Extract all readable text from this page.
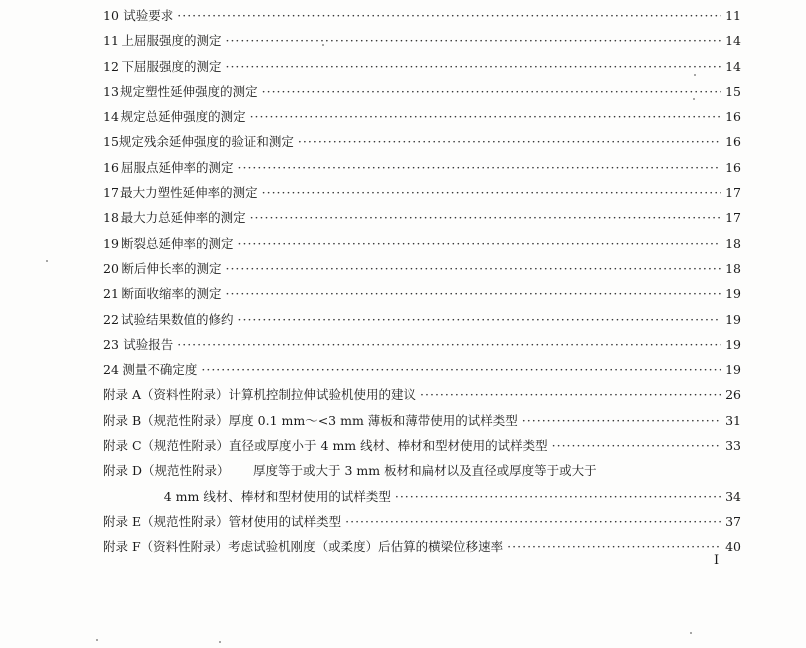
10 试验要求 ·····	11
11 上屈服强度的测定 ·····	14
12 下屈服强度的测定 ·····	14
13 规定塑性延伸强度的测定 ·····	15
14 规定总延伸强度的测定 ·····	16
15 规定残余延伸强度的验证和测定 ·····	16
16 屈服点延伸率的测定 ·····	16
17 最大力塑性延伸率的测定 ·····	17
18 最大力总延伸率的测定 ·····	17
19 断裂总延伸率的测定 ·····	18
20 断后伸长率的测定 ·····	18
21 断面收缩率的测定 ·····	19
22 试验结果数值的修约 ·····	19
23 试验报告 ·····	19
24 测量不确定度 ·····	19
附录 A（资料性附录） 计算机控制拉伸试验机使用的建议 ·····	26
附录 B（规范性附录） 厚度 0.1 mm～<3 mm 薄板和薄带使用的试样类型 ·····	31
附录 C（规范性附录） 直径或厚度小于 4 mm 线材、棒材和型材使用的试样类型 ·····	33
附录 D（规范性附录）	厚度等于或大于 3 mm 板材和扁材以及直径或厚度等于或大于
4 mm 线材、棒材和型材使用的试样类型 ·····	34
附录 E（规范性附录） 管材使用的试样类型 ·····	37
附录 F（资料性附录） 考虑试验机刚度（或柔度）后估算的横梁位移速率 ·····	40
I
